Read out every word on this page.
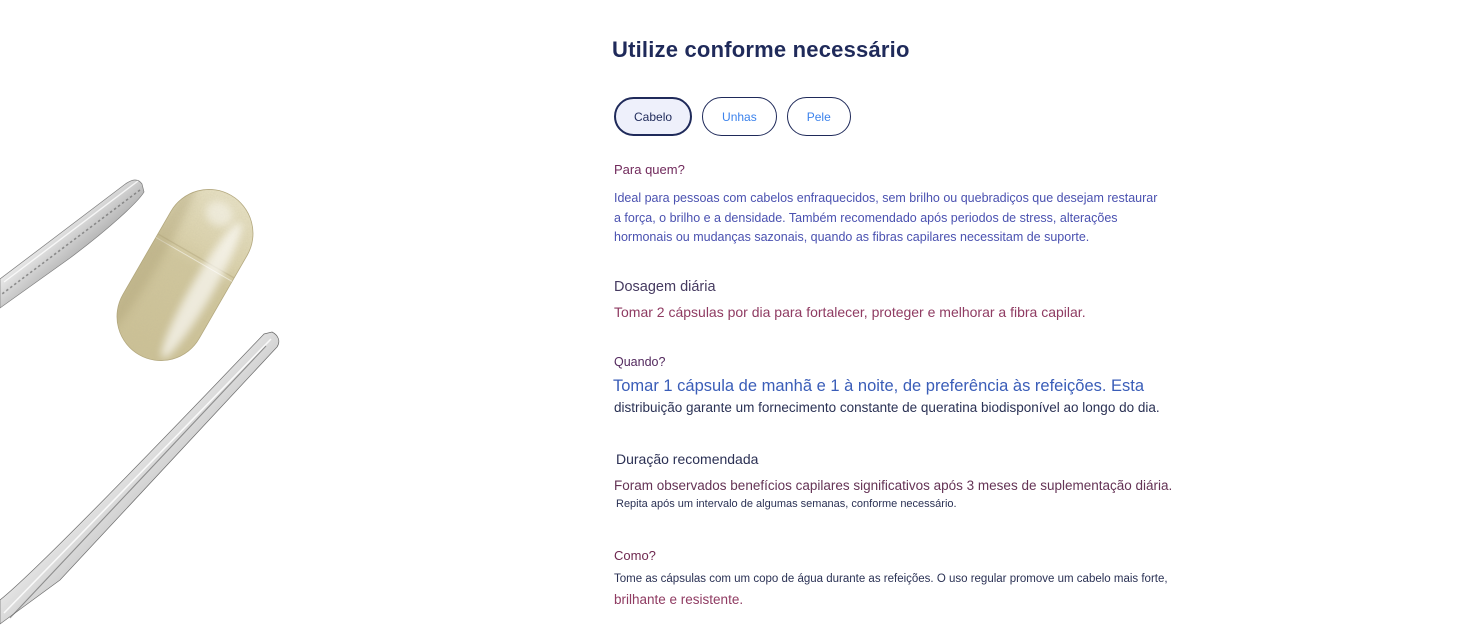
Utilize conforme necessário
Cabelo	Unhas	Pele
Para quem?

Ideal para pessoas com cabelos enfraquecidos, sem brilho ou quebradiços que desejam restaurar a força, o brilho e a densidade. Também recomendado após periodos de stress, alterações hormonais ou mudanças sazonais, quando as fibras capilares necessitam de suporte.

Dosagem diária

Tomar 2 cápsulas por dia para fortalecer, proteger e melhorar a fibra capilar.

Quando?

Tomar 1 cápsula de manhã e 1 à noite, de preferência às refeições. Esta

distribuição garante um fornecimento constante de queratina biodisponível ao longo do dia.

Duração recomendada

Foram observados benefícios capilares significativos após 3 meses de suplementação diária.

Repita após um intervalo de algumas semanas, conforme necessário.

Como?

Tome as cápsulas com um copo de água durante as refeições. O uso regular promove um cabelo mais forte,

brilhante e resistente.
